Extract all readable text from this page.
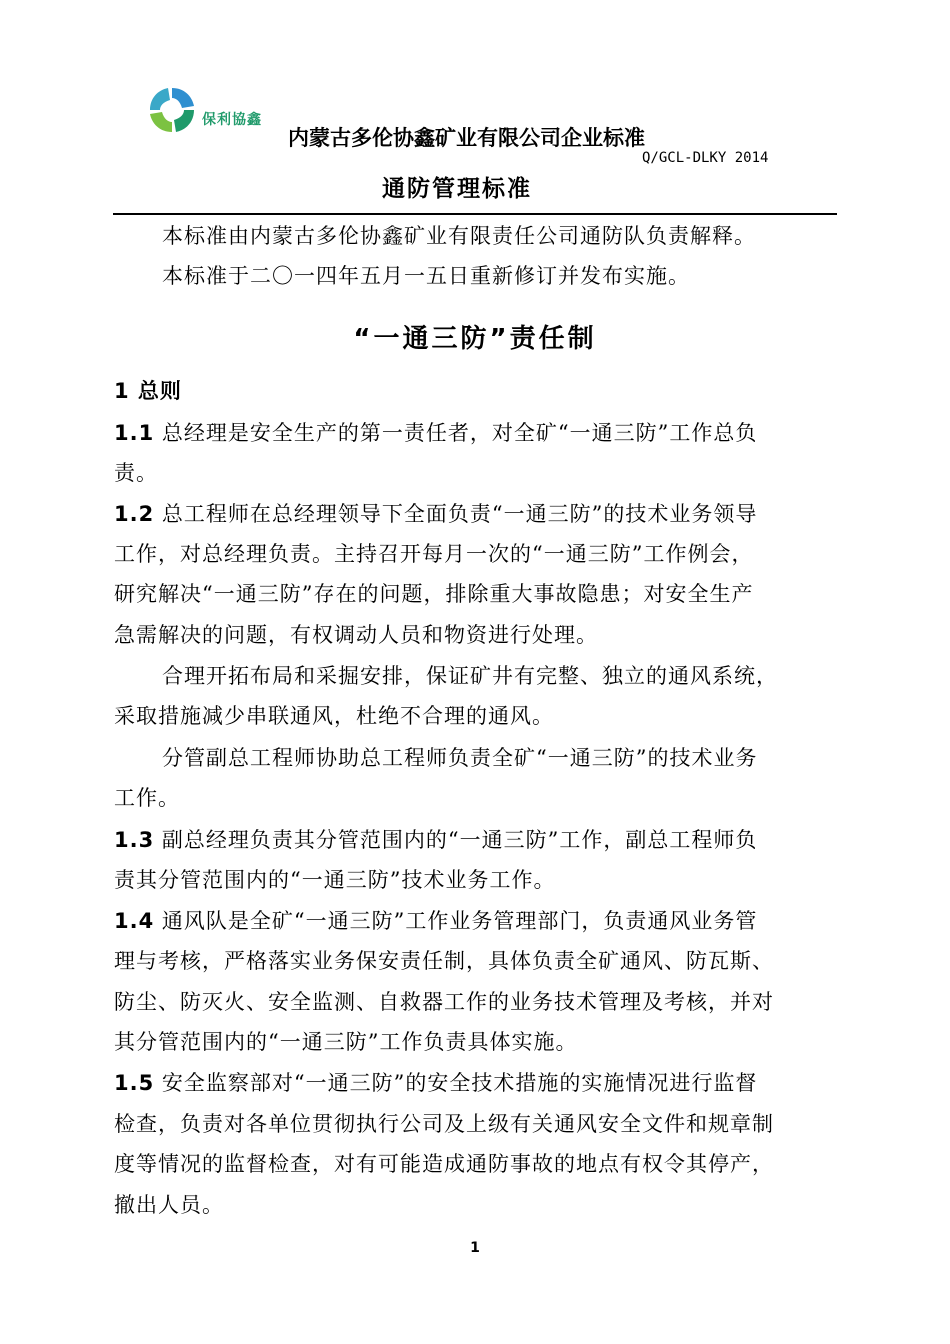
保利協鑫
内蒙古多伦协鑫矿业有限公司企业标准
Q/GCL-DLKY 2014
通防管理标准
本标准由内蒙古多伦协鑫矿业有限责任公司通防队负责解释。
本标准于二〇一四年五月一五日重新修订并发布实施。
“一通三防”责任制
1 总则
1.1 总经理是安全生产的第一责任者，对全矿“一通三防”工作总负
责。
1.2 总工程师在总经理领导下全面负责“一通三防”的技术业务领导
工作，对总经理负责。主持召开每月一次的“一通三防”工作例会，
研究解决“一通三防”存在的问题，排除重大事故隐患；对安全生产
急需解决的问题，有权调动人员和物资进行处理。
合理开拓布局和采掘安排，保证矿井有完整、独立的通风系统，
采取措施减少串联通风，杜绝不合理的通风。
分管副总工程师协助总工程师负责全矿“一通三防”的技术业务
工作。
1.3 副总经理负责其分管范围内的“一通三防”工作，副总工程师负
责其分管范围内的“一通三防”技术业务工作。
1.4 通风队是全矿“一通三防”工作业务管理部门，负责通风业务管
理与考核，严格落实业务保安责任制，具体负责全矿通风、防瓦斯、
防尘、防灭火、安全监测、自救器工作的业务技术管理及考核，并对
其分管范围内的“一通三防”工作负责具体实施。
1.5 安全监察部对“一通三防”的安全技术措施的实施情况进行监督
检查，负责对各单位贯彻执行公司及上级有关通风安全文件和规章制
度等情况的监督检查，对有可能造成通防事故的地点有权令其停产，
撤出人员。
1
